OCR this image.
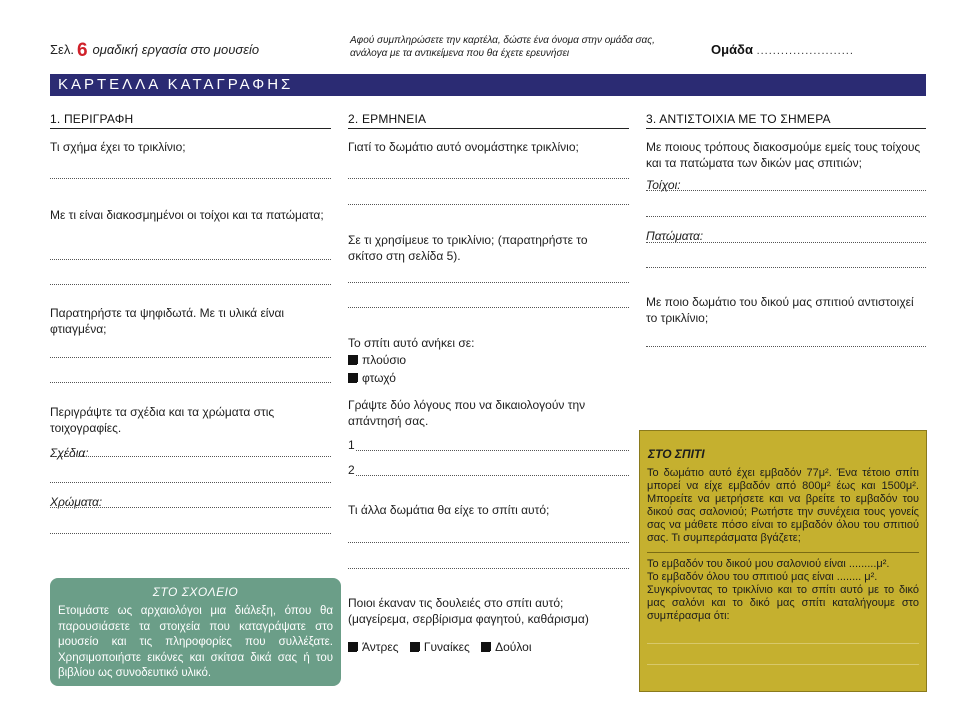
Σελ. 6 ομαδική εργασία στο μουσείο
Αφού συμπληρώσετε την καρτέλα, δώστε ένα όνομα στην ομάδα σας, ανάλογα με τα αντικείμενα που θα έχετε ερευνήσει	Ομάδα ........................
ΚΑΡΤΕΛΛΑ ΚΑΤΑΓΡΑΦΗΣ
1. ΠΕΡΙΓΡΑΦΗ	2. ΕΡΜΗΝΕΙΑ	3. ΑΝΤΙΣΤΟΙΧΙΑ ΜΕ ΤΟ ΣΗΜΕΡΑ
Τι σχήμα έχει το τρικλίνιο;
Με τι είναι διακοσμημένοι οι τοίχοι και τα πατώματα;
Παρατηρήστε τα ψηφιδωτά. Με τι υλικά είναι φτιαγμένα;
Περιγράψτε τα σχέδια και τα χρώματα στις τοιχογραφίες.
Σχέδια:
Χρώματα:
ΣΤΟ ΣΧΟΛΕΙΟ
Ετοιμάστε ως αρχαιολόγοι μια διάλεξη, όπου θα παρουσιάσετε τα στοιχεία που καταγράψατε στο μουσείο και τις πληροφορίες που συλλέξατε. Χρησιμοποιήστε εικόνες και σκίτσα δικά σας ή του βιβλίου ως συνοδευτικό υλικό.
Γιατί το δωμάτιο αυτό ονομάστηκε τρικλίνιο;
Σε τι χρησίμευε το τρικλίνιο; (παρατηρήστε το σκίτσο στη σελίδα 5).
Το σπίτι αυτό ανήκει σε:
πλούσιο
φτωχό
Γράψτε δύο λόγους που να δικαιολογούν την απάντησή σας.
1
2
Τι άλλα δωμάτια θα είχε το σπίτι αυτό;
Ποιοι έκαναν τις δουλειές στο σπίτι αυτό; (μαγείρεμα, σερβίρισμα φαγητού, καθάρισμα)
Άντρες Γυναίκες Δούλοι
Με ποιους τρόπους διακοσμούμε εμείς τους τοίχους και τα πατώματα των δικών μας σπιτιών;
Τοίχοι:
Πατώματα:
Με ποιο δωμάτιο του δικού μας σπιτιού αντιστοιχεί το τρικλίνιο;
ΣΤΟ ΣΠΙΤΙ
Το δωμάτιο αυτό έχει εμβαδόν 77μ². Ένα τέτοιο σπίτι μπορεί να είχε εμβαδόν από 800μ² έως και 1500μ². Μπορείτε να μετρήσετε και να βρείτε το εμβαδόν του δικού σας σαλονιού; Ρωτήστε την συνέχεια τους γονείς σας να μάθετε πόσο είναι το εμβαδόν όλου του σπιτιού σας. Τι συμπεράσματα βγάζετε;
Το εμβαδόν του δικού μου σαλονιού είναι .........μ².
Το εμβαδόν όλου του σπιτιού μας είναι ........ μ².
Συγκρίνοντας το τρικλίνιο και το σπίτι αυτό με το δικό μας σαλόνι και το δικό μας σπίτι καταλήγουμε στο συμπέρασμα ότι:
